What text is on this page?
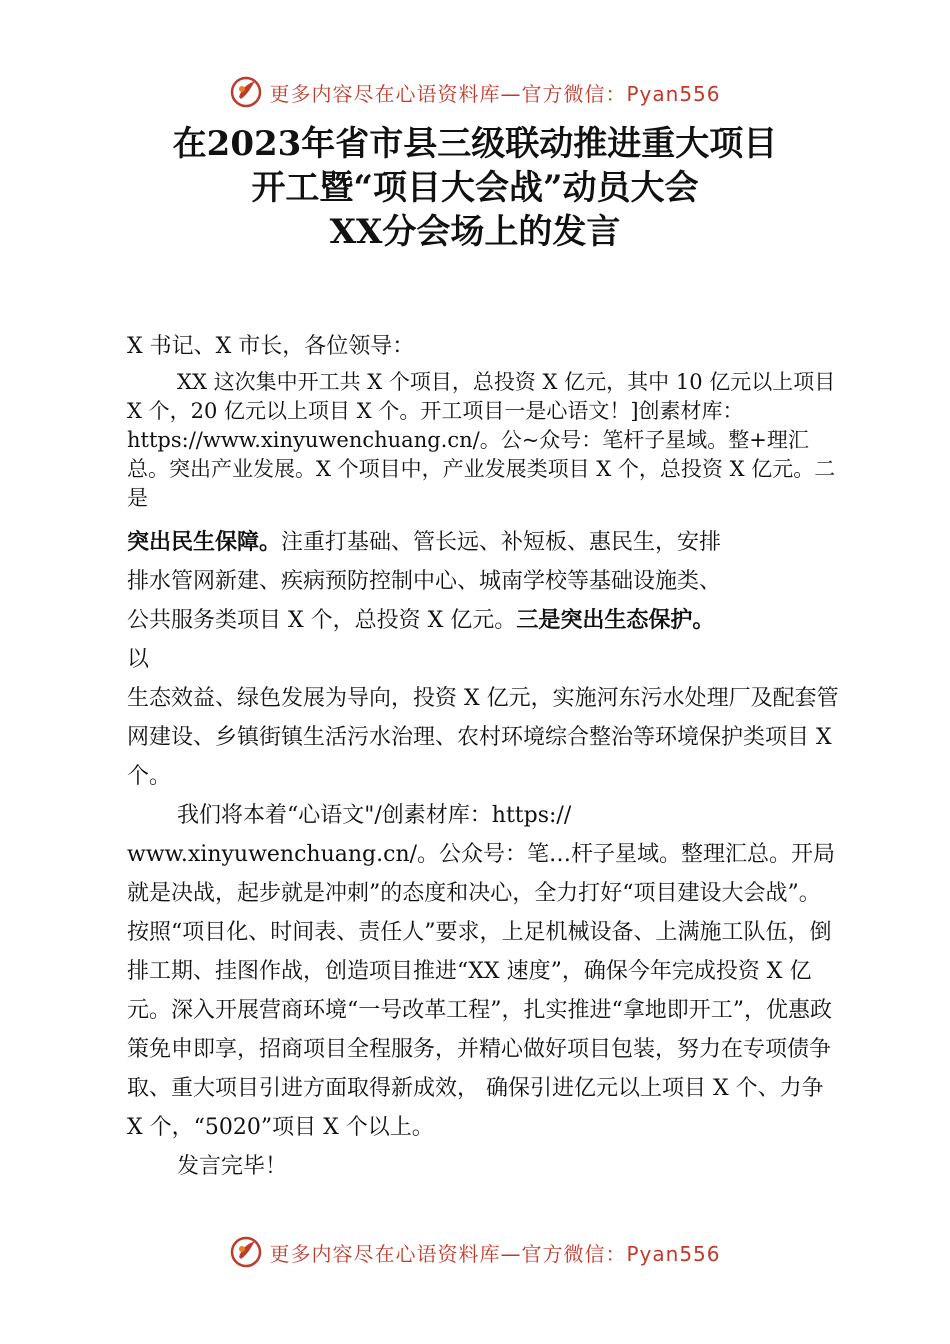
更多内容尽在心语资料库—官方微信：Pyan556
在2023年省市县三级联动推进重大项目
开工暨“项目大会战”动员大会
XX分会场上的发言

X 书记、X 市长，各位领导：

XX 这次集中开工共 X 个项目，总投资 X 亿元，其中 10 亿元以上项目 X 个，20 亿元以上项目 X 个。开工项目一是心语文！]创素材库：https://www.xinyuwenchuang.cn/。公~众号：笔杆子星域。整+理汇总。突出产业发展。X 个项目中，产业发展类项目 X 个，总投资 X 亿元。二是

突出民生保障。注重打基础、管长远、补短板、惠民生，安排
排水管网新建、疾病预防控制中心、城南学校等基础设施类、
公共服务类项目 X 个，总投资 X 亿元。三是突出生态保护。
以

生态效益、绿色发展为导向，投资 X 亿元，实施河东污水处理厂及配套管网建设、乡镇街镇生活污水治理、农村环境综合整治等环境保护类项目 X 个。

我们将本着“心语文"/创素材库：https://

www.xinyuwenchuang.cn/。公众号：笔…杆子星域。整理汇总。开局就是决战，起步就是冲刺”的态度和决心，全力打好“项目建设大会战”。按照“项目化、时间表、责任人”要求，上足机械设备、上满施工队伍，倒排工期、挂图作战，创造项目推进“XX 速度”，确保今年完成投资 X 亿元。深入开展营商环境“一号改革工程”，扎实推进“拿地即开工”，优惠政策免申即享，招商项目全程服务，并精心做好项目包装，努力在专项债争取、重大项目引进方面取得新成效， 确保引进亿元以上项目 X 个、力争 X 个，“5020”项目 X 个以上。

发言完毕！

更多内容尽在心语资料库—官方微信：Pyan556
